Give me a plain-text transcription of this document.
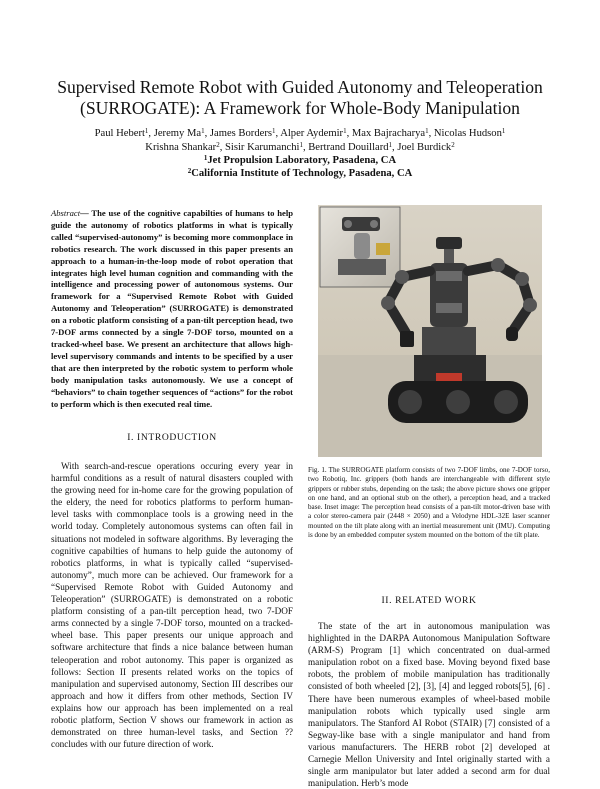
Supervised Remote Robot with Guided Autonomy and Teleoperation
(SURROGATE): A Framework for Whole-Body Manipulation
Paul Hebert$^1$, Jeremy Ma$^1$, James Borders$^1$, Alper Aydemir$^1$, Max Bajracharya$^1$, Nicolas Hudson$^1$
Krishna Shankar$^2$, Sisir Karumanchi$^1$, Bertrand Douillard$^1$, Joel Burdick$^2$
$^1$Jet Propulsion Laboratory, Pasadena, CA
$^2$California Institute of Technology, Pasadena, CA
Abstract— The use of the cognitive capabilties of humans to help guide the autonomy of robotics platforms in what is typically called “supervised-autonomy” is becoming more commonplace in robotics research. The work discussed in this paper presents an approach to a human-in-the-loop mode of robot operation that integrates high level human cognition and commanding with the intelligence and processing power of autonomous systems. Our framework for a “Supervised Remote Robot with Guided Autonomy and Teleoperation” (SURROGATE) is demonstrated on a robotic platform consisting of a pan-tilt perception head, two 7-DOF arms connected by a single 7-DOF torso, mounted on a tracked-wheel base. We present an architecture that allows high-level supervisory commands and intents to be specified by a user that are then interpreted by the robotic system to perform whole body manipulation tasks autonomously. We use a concept of “behaviors” to chain together sequences of “actions” for the robot to perform which is then executed real time.
I. INTRODUCTION
With search-and-rescue operations occuring every year in harmful conditions as a result of natural disasters coupled with the growing need for in-home care for the growing population of the eldery, the need for robotics platforms to perform human-level tasks with commonplace tools is a growing need in the world today. Completely autonomous systems can often fail in situations not modeled in software algorithms. By leveraging the cognitive capabilties of humans to help guide the autonomy of robotics platforms, in what is typically called “supervised-autonomy”, much more can be achieved. Our framework for a “Supervised Remote Robot with Guided Autonomy and Teleoperation” (SURROGATE) is demonstrated on a robotic platform consisting of a pan-tilt perception head, two 7-DOF arms connected by a single 7-DOF torso, mounted on a tracked-wheel base. This paper presents our unique approach and software architecture that finds a nice balance between human teleoperation and robot autonomy. This paper is organized as follows: Section II presents related works on the topics of manipulation and supervised autonomy, Section III describes our approach and how it differs from other methods, Section IV explains how our approach has been implemented on a real robotic platform, Section V shows our framework in action as demonstrated on three human-level tasks, and Section ?? concludes with our future direction of work.
Fig. 1. The SURROGATE platform consists of two 7-DOF limbs, one 7-DOF torso, two Robotiq, Inc. grippers (both hands are interchangeable with different style grippers or rubber stubs, depending on the task; the above picture shows one gripper on one hand, and an optional stub on the other), a perception head, and a tracked base. Inset image: The perception head consists of a pan-tilt motor-driven base with a color stereo-camera pair (2448 × 2050) and a Velodyne HDL-32E laser scanner mounted on the tilt plate along with an inertial measurement unit (IMU). Computing is done by an embedded computer system mounted on the bottom of the tilt plate.
II. RELATED WORK
The state of the art in autonomous manipulation was highlighted in the DARPA Autonomous Manipulation Software (ARM-S) Program [1] which concentrated on dual-armed manipulation robot on a fixed base. Moving beyond fixed base robots, the problem of mobile manipulation has traditionally consisted of both wheeled [2], [3], [4] and legged robots[5], [6] . There have been numerous examples of wheel-based mobile manipulation robots which typically used single arm manipulators. The Stanford AI Robot (STAIR) [7] consisted of a Segway-like base with a single manipulator and hand from various manufacturers. The HERB robot [2] developed at Carnegie Mellon University and Intel originally started with a single arm manipulator but later added a second arm for dual manipulation. Herb’s mode
